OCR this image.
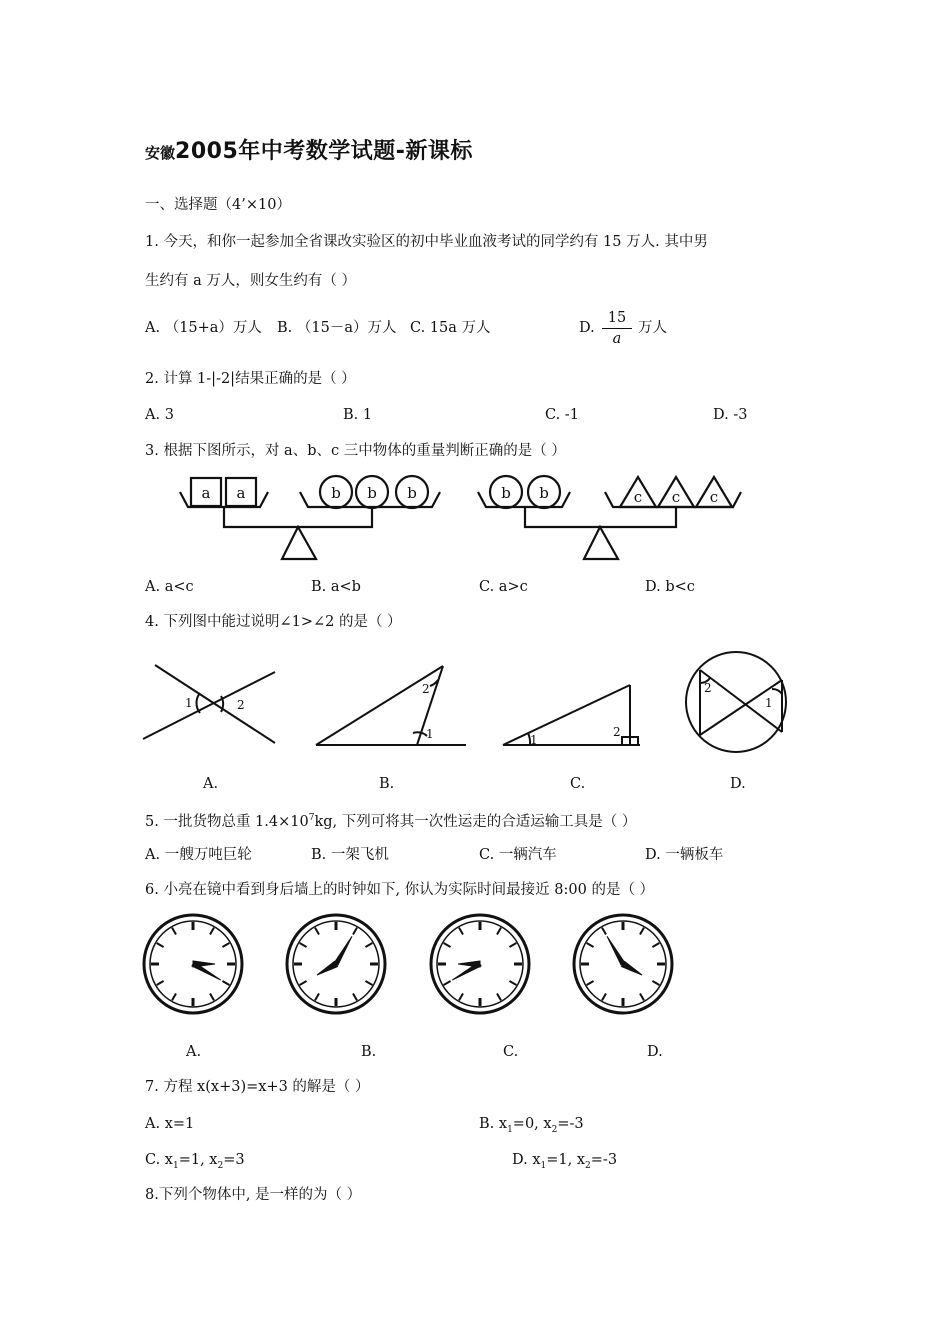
安徽2005年中考数学试题-新课标
一、选择题（4’×10）
1. 今天，和你一起参加全省课改实验区的初中毕业血液考试的同学约有 15 万人. 其中男
生约有 a 万人，则女生约有（ ）
A. （15+a）万人 B. （15－a）万人 C. 15a 万人	D. $\frac{15}{a}$ 万人
2. 计算 1-|-2|结果正确的是（ ）
A. 3	B. 1	C. -1	D. -3
3. 根据下图所示，对 a、b、c 三中物体的重量判断正确的是（ ）
a a	b b b	b b	c c c
A. a<c	B. a<b	C. a>c	D. b<c
4. 下列图中能过说明∠1>∠2 的是（ ）
1	2
2
1	1
2
2
1
A.	B.	C.	D.
5. 一批货物总重 $1.4\times 10^7kg$, 下列可将其一次性运走的合适运输工具是（ ）
A. 一艘万吨巨轮	B. 一架飞机	C. 一辆汽车	D. 一辆板车
6. 小亮在镜中看到身后墙上的时钟如下, 你认为实际时间最接近 8:00 的是（ ）
A.	B.	C.	D.
7. 方程 x(x+3)=x+3 的解是（ ）
A. x=1	B. $x_1=0$, $x_2=-3$
C. $x_1=1$, $x_2=3$	D. $x_1=1$, $x_2=-3$
8.下列个物体中, 是一样的为（ ）
